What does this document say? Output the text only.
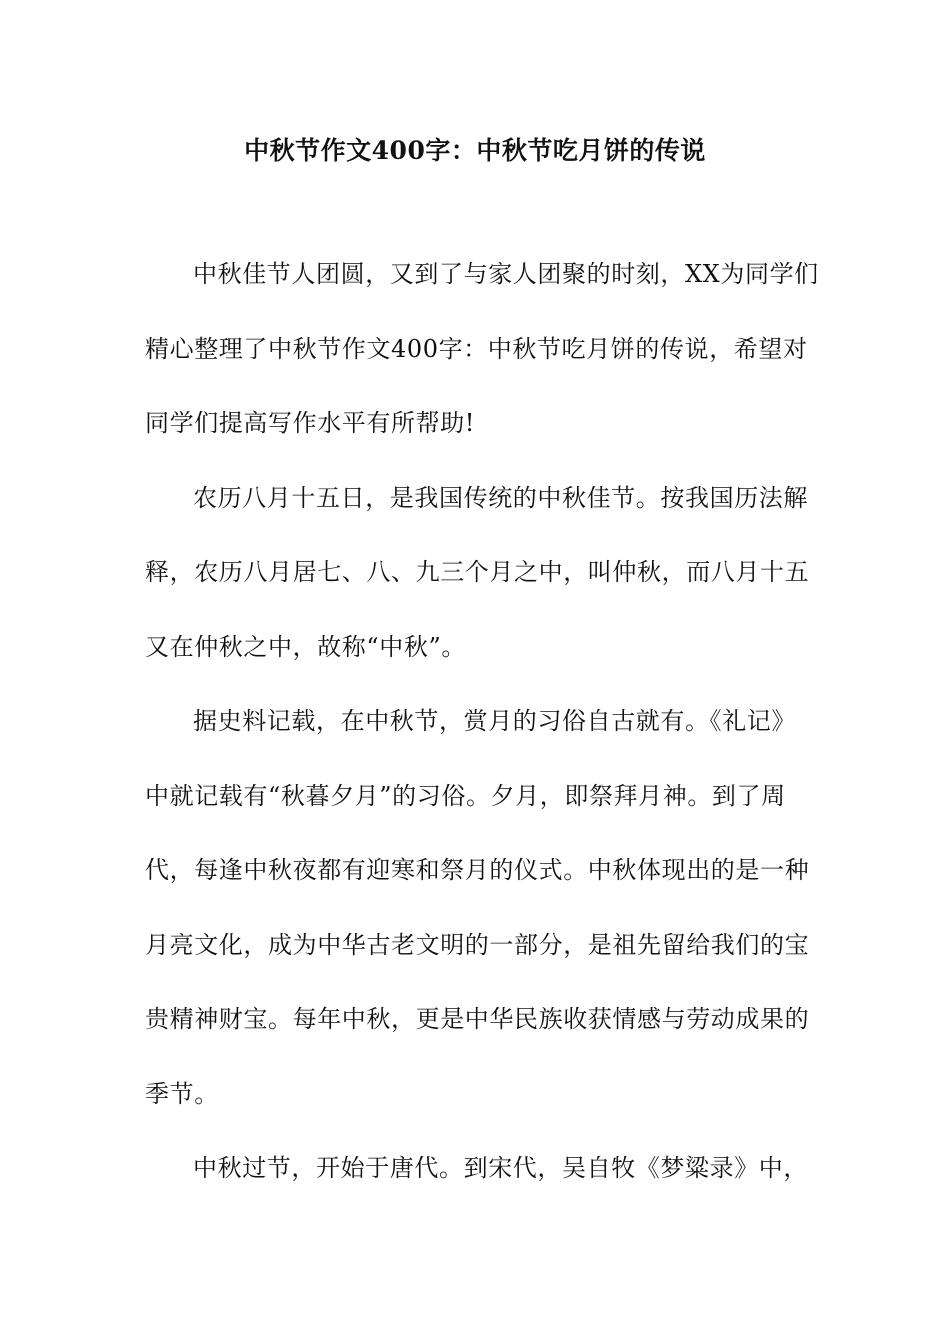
中秋节作文400字：中秋节吃月饼的传说
中秋佳节人团圆，又到了与家人团聚的时刻，XX为同学们
精心整理了中秋节作文400字：中秋节吃月饼的传说，希望对
同学们提高写作水平有所帮助!
农历八月十五日，是我国传统的中秋佳节。按我国历法解
释，农历八月居七、八、九三个月之中，叫仲秋，而八月十五
又在仲秋之中，故称“中秋”。
据史料记载，在中秋节，赏月的习俗自古就有。《礼记》
中就记载有“秋暮夕月”的习俗。夕月，即祭拜月神。到了周
代，每逢中秋夜都有迎寒和祭月的仪式。中秋体现出的是一种
月亮文化，成为中华古老文明的一部分，是祖先留给我们的宝
贵精神财宝。每年中秋，更是中华民族收获情感与劳动成果的
季节。
中秋过节，开始于唐代。到宋代，吴自牧《梦粱录》中，
